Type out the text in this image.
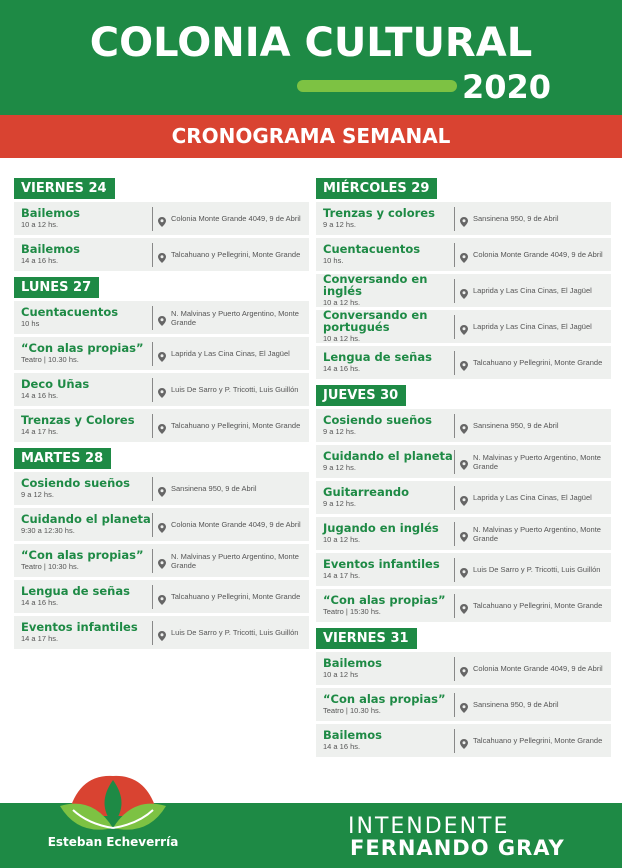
COLONIA CULTURAL
2020
CRONOGRAMA SEMANAL
VIERNES 24
Bailemos
10 a 12 hs.
Colonia Monte Grande 4049, 9 de Abril
Bailemos
14 a 16 hs.
Talcahuano y Pellegrini, Monte Grande
LUNES 27
Cuentacuentos
10 hs
N. Malvinas y Puerto Argentino, Monte Grande
“Con alas propias”
Teatro | 10.30 hs.
Laprida y Las Cina Cinas, El Jagüel
Deco Uñas
14 a 16 hs.
Luis De Sarro y P. Tricotti, Luis Guillón
Trenzas y Colores
14 a 17 hs.
Talcahuano y Pellegrini, Monte Grande
MARTES 28
Cosiendo sueños
9 a 12 hs.
Sansinena 950, 9 de Abril
Cuidando el planeta
9:30 a 12:30 hs.
Colonia Monte Grande 4049, 9 de Abril
“Con alas propias”
Teatro | 10:30 hs.
N. Malvinas y Puerto Argentino, Monte Grande
Lengua de señas
14 a 16 hs.
Talcahuano y Pellegrini, Monte Grande
Eventos infantiles
14 a 17 hs.
Luis De Sarro y P. Tricotti, Luis Guillón
MIÉRCOLES 29
Trenzas y colores
9 a 12 hs.
Sansinena 950, 9 de Abril
Cuentacuentos
10 hs.
Colonia Monte Grande 4049, 9 de Abril
Conversando en inglés
10 a 12 hs.
Laprida y Las Cina Cinas, El Jagüel
Conversando en portugués
10 a 12 hs.
Laprida y Las Cina Cinas, El Jagüel
Lengua de señas
14 a 16 hs.
Talcahuano y Pellegrini, Monte Grande
JUEVES 30
Cosiendo sueños
9 a 12 hs.
Sansinena 950, 9 de Abril
Cuidando el planeta
9 a 12 hs.
N. Malvinas y Puerto Argentino, Monte Grande
Guitarreando
9 a 12 hs.
Laprida y Las Cina Cinas, El Jagüel
Jugando en inglés
10 a 12 hs.
N. Malvinas y Puerto Argentino, Monte Grande
Eventos infantiles
14 a 17 hs.
Luis De Sarro y P. Tricotti, Luis Guillón
“Con alas propias”
Teatro | 15:30 hs.
Talcahuano y Pellegrini, Monte Grande
VIERNES 31
Bailemos
10 a 12 hs
Colonia Monte Grande 4049, 9 de Abril
“Con alas propias”
Teatro | 10.30 hs.
Sansinena 950, 9 de Abril
Bailemos
14 a 16 hs.
Talcahuano y Pellegrini, Monte Grande
Esteban Echeverría
INTENDENTE
FERNANDO GRAY
